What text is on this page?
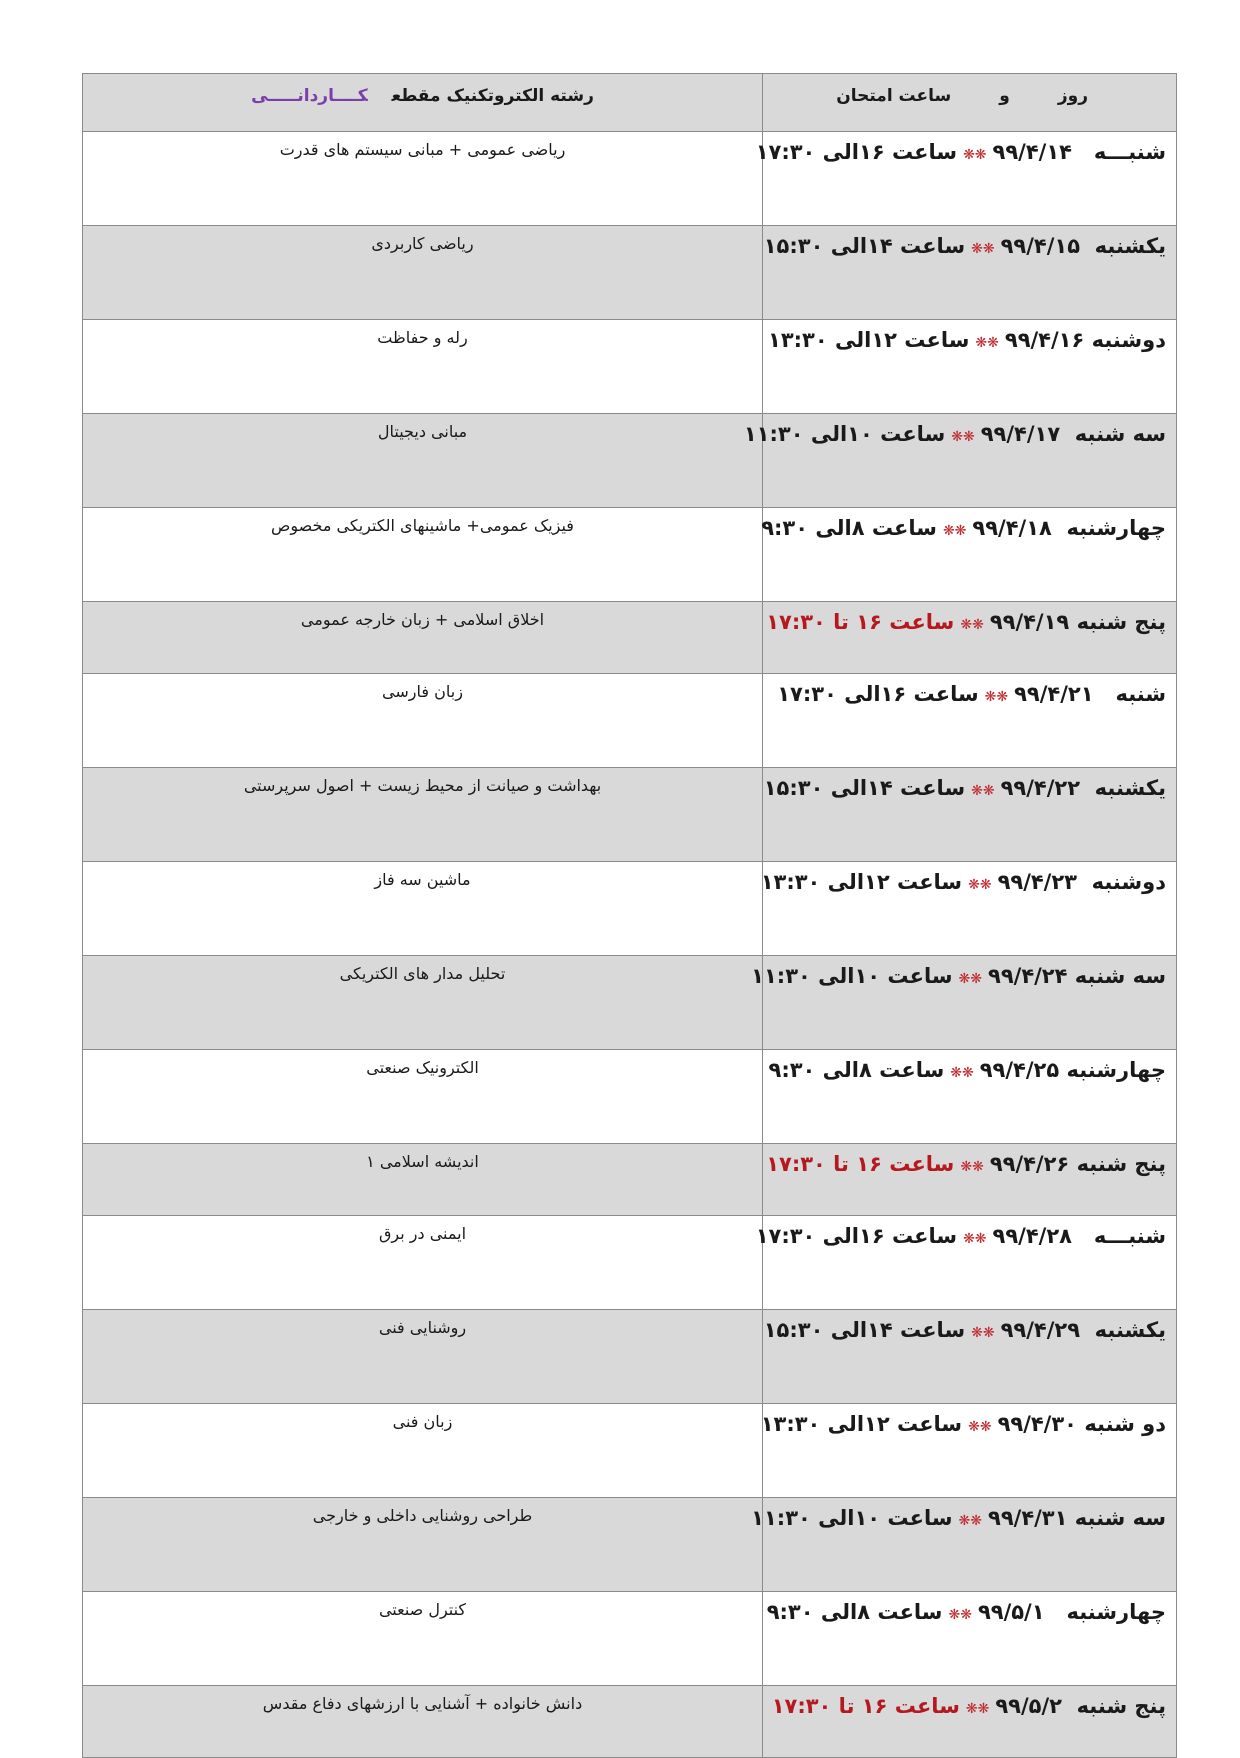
روزوساعت امتحان	رشته الکتروتکنیک مقطعکــــاردانـــــی
شنبـــه   ۹۹/۴/۱۴❋❋ساعت ۱۶الی ۱۷:۳۰	ریاضی عمومی + مبانی سیستم های قدرت
یکشنبه  ۹۹/۴/۱۵❋❋ساعت ۱۴الی ۱۵:۳۰	ریاضی کاربردی
دوشنبه ۹۹/۴/۱۶❋❋ساعت ۱۲الی ۱۳:۳۰	رله و حفاظت
سه شنبه  ۹۹/۴/۱۷❋❋ساعت ۱۰الی ۱۱:۳۰	مبانی دیجیتال
چهارشنبه  ۹۹/۴/۱۸❋❋ساعت ۸الی ۹:۳۰	فیزیک عمومی+ ماشینهای الکتریکی مخصوص
پنج شنبه ۹۹/۴/۱۹❋❋ساعت ۱۶ تا ۱۷:۳۰	اخلاق اسلامی + زبان خارجه عمومی
شنبه   ۹۹/۴/۲۱❋❋ساعت ۱۶الی ۱۷:۳۰	زبان فارسی
یکشنبه  ۹۹/۴/۲۲❋❋ساعت ۱۴الی ۱۵:۳۰	بهداشت و صیانت از محیط زیست + اصول سرپرستی
دوشنبه  ۹۹/۴/۲۳❋❋ساعت ۱۲الی ۱۳:۳۰	ماشین سه فاز
سه شنبه ۹۹/۴/۲۴❋❋ساعت ۱۰الی ۱۱:۳۰	تحلیل مدار های الکتریکی
چهارشنبه ۹۹/۴/۲۵❋❋ساعت ۸الی ۹:۳۰	الکترونیک صنعتی
پنج شنبه ۹۹/۴/۲۶❋❋ساعت ۱۶ تا ۱۷:۳۰	اندیشه اسلامی ۱
شنبـــه   ۹۹/۴/۲۸❋❋ساعت ۱۶الی ۱۷:۳۰	ایمنی در برق
یکشنبه  ۹۹/۴/۲۹❋❋ساعت ۱۴الی ۱۵:۳۰	روشنایی فنی
دو شنبه ۹۹/۴/۳۰❋❋ساعت ۱۲الی ۱۳:۳۰	زبان فنی
سه شنبه ۹۹/۴/۳۱❋❋ساعت ۱۰الی ۱۱:۳۰	طراحی روشنایی داخلی و خارجی
چهارشنبه   ۹۹/۵/۱❋❋ساعت ۸الی ۹:۳۰	کنترل صنعتی
پنج شنبه  ۹۹/۵/۲❋❋ساعت ۱۶ تا ۱۷:۳۰	دانش خانواده + آشنایی با ارزشهای دفاع مقدس
